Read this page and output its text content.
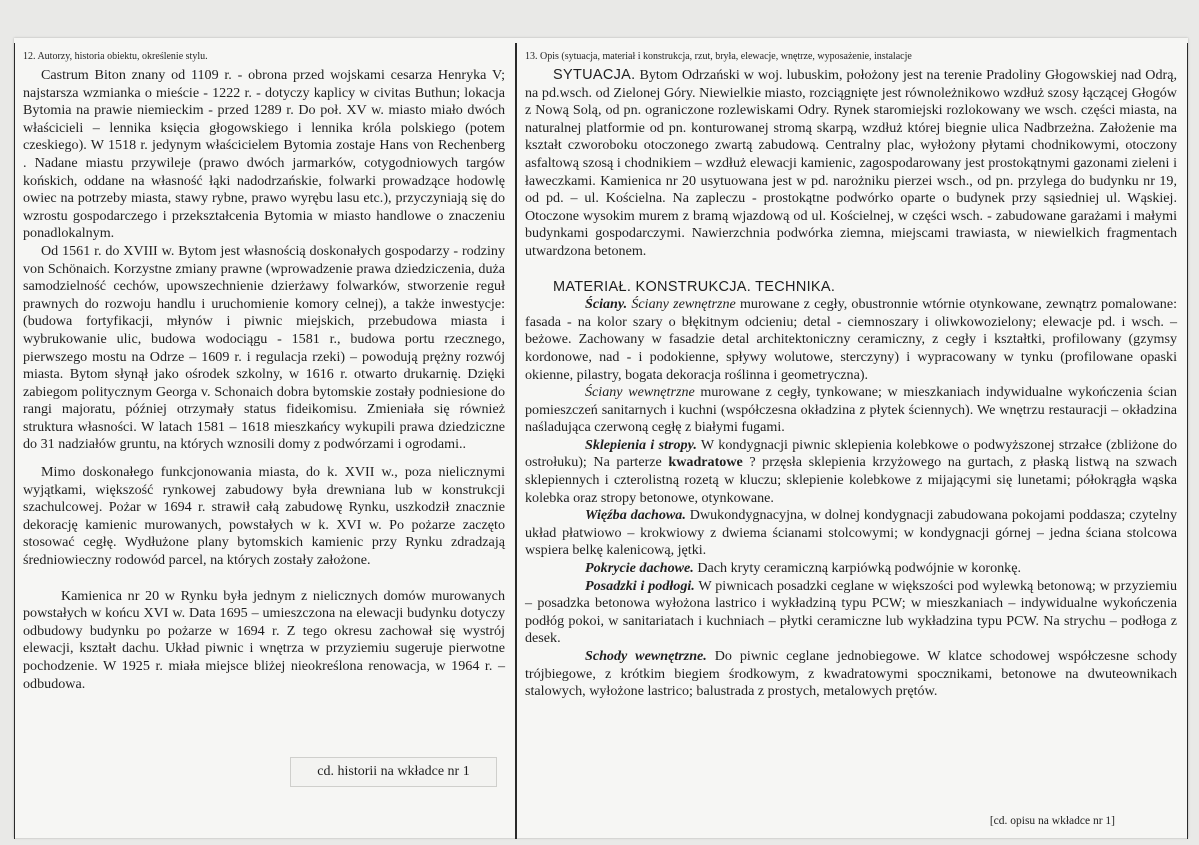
12. Autorzy, historia obiektu, określenie stylu.

Castrum Biton znany od 1109 r. - obrona przed wojskami cesarza Henryka V; najstarsza wzmianka o mieście - 1222 r. - dotyczy kaplicy w civitas Buthun; lokacja Bytomia na prawie niemieckim - przed 1289 r. Do poł. XV w. miasto miało dwóch właścicieli – lennika księcia głogowskiego i lennika króla polskiego (potem czeskiego). W 1518 r. jedynym właścicielem Bytomia zostaje Hans von Rechenberg . Nadane miastu przywileje (prawo dwóch jarmarków, cotygodniowych targów końskich, oddane na własność łąki nadodrzańskie, folwarki prowadzące hodowlę owiec na potrzeby miasta, stawy rybne, prawo wyrębu lasu etc.), przyczyniają się do wzrostu gospodarczego i przekształcenia Bytomia w miasto handlowe o znaczeniu ponadlokalnym.

Od 1561 r. do XVIII w. Bytom jest własnością doskonałych gospodarzy - rodziny von Schönaich. Korzystne zmiany prawne (wprowadzenie prawa dziedziczenia, duża samodzielność cechów, upowszechnienie dzierżawy folwarków, stworzenie reguł prawnych do rozwoju handlu i uruchomienie komory celnej), a także inwestycje: (budowa fortyfikacji, młynów i piwnic miejskich, przebudowa miasta i wybrukowanie ulic, budowa wodociągu - 1581 r., budowa portu rzecznego, pierwszego mostu na Odrze – 1609 r. i regulacja rzeki) – powodują prężny rozwój miasta. Bytom słynął jako ośrodek szkolny, w 1616 r. otwarto drukarnię. Dzięki zabiegom politycznym Georga v. Schonaich dobra bytomskie zostały podniesione do rangi majoratu, później otrzymały status fideikomisu. Zmieniała się również struktura własności. W latach 1581 – 1618 mieszkańcy wykupili prawa dziedziczne do 31 nadziałów gruntu, na których wznosili domy z podwórzami i ogrodami..

Mimo doskonałego funkcjonowania miasta, do k. XVII w., poza nielicznymi wyjątkami, większość rynkowej zabudowy była drewniana lub w konstrukcji szachulcowej. Pożar w 1694 r. strawił całą zabudowę Rynku, uszkodził znacznie dekorację kamienic murowanych, powstałych w k. XVI w. Po pożarze zaczęto stosować cegłę. Wydłużone plany bytomskich kamienic przy Rynku zdradzają średniowieczny rodowód parcel, na których zostały założone.

Kamienica nr 20 w Rynku była jednym z nielicznych domów murowanych powstałych w końcu XVI w. Data 1695 – umieszczona na elewacji budynku dotyczy odbudowy budynku po pożarze w 1694 r. Z tego okresu zachował się wystrój elewacji, kształt dachu. Układ piwnic i wnętrza w przyziemiu sugeruje pierwotne pochodzenie. W 1925 r. miała miejsce bliżej nieokreślona renowacja, w 1964 r. – odbudowa.

cd. historii na wkładce nr 1
13. Opis (sytuacja, materiał i konstrukcja, rzut, bryła, elewacje, wnętrze, wyposażenie, instalacje

SYTUACJA. Bytom Odrzański w woj. lubuskim, położony jest na terenie Pradoliny Głogowskiej nad Odrą, na pd.wsch. od Zielonej Góry. Niewielkie miasto, rozciągnięte jest równoleżnikowo wzdłuż szosy łączącej Głogów z Nową Solą, od pn. ograniczone rozlewiskami Odry. Rynek staromiejski rozlokowany we wsch. części miasta, na naturalnej platformie od pn. konturowanej stromą skarpą, wzdłuż której biegnie ulica Nadbrzeżna. Założenie ma kształt czworoboku otoczonego zwartą zabudową. Centralny plac, wyłożony płytami chodnikowymi, otoczony asfaltową szosą i chodnikiem – wzdłuż elewacji kamienic, zagospodarowany jest prostokątnymi gazonami zieleni i ławeczkami. Kamienica nr 20 usytuowana jest w pd. narożniku pierzei wsch., od pn. przylega do budynku nr 19, od pd. – ul. Kościelna. Na zapleczu - prostokątne podwórko oparte o budynek przy sąsiedniej ul. Wąskiej. Otoczone wysokim murem z bramą wjazdową od ul. Kościelnej, w części wsch. - zabudowane garażami i małymi budynkami gospodarczymi. Nawierzchnia podwórka ziemna, miejscami trawiasta, w niewielkich fragmentach utwardzona betonem.

MATERIAŁ. KONSTRUKCJA. TECHNIKA.

Ściany. Ściany zewnętrzne murowane z cegły, obustronnie wtórnie otynkowane, zewnątrz pomalowane: fasada - na kolor szary o błękitnym odcieniu; detal - ciemnoszary i oliwkowozielony; elewacje pd. i wsch. – beżowe. Zachowany w fasadzie detal architektoniczny ceramiczny, z cegły i kształtki, profilowany (gzymsy kordonowe, nad - i podokienne, spływy wolutowe, sterczyny) i wypracowany w tynku (profilowane opaski okienne, pilastry, bogata dekoracja roślinna i geometryczna).

Ściany wewnętrzne murowane z cegły, tynkowane; w mieszkaniach indywidualne wykończenia ścian pomieszczeń sanitarnych i kuchni (współczesna okładzina z płytek ściennych). We wnętrzu restauracji – okładzina naśladująca czerwoną cegłę z białymi fugami.

Sklepienia i stropy. W kondygnacji piwnic sklepienia kolebkowe o podwyższonej strzałce (zbliżone do ostrołuku); Na parterze kwadratowe ? przęsła sklepienia krzyżowego na gurtach, z płaską listwą na szwach sklepiennych i czterolistną rozetą w kluczu; sklepienie kolebkowe z mijającymi się lunetami; półokrągła wąska kolebka oraz stropy betonowe, otynkowane.

Więźba dachowa. Dwukondygnacyjna, w dolnej kondygnacji zabudowana pokojami poddasza; czytelny układ płatwiowo – krokwiowy z dwiema ścianami stolcowymi; w kondygnacji górnej – jedna ściana stolcowa wspiera belkę kalenicową, jętki.

Pokrycie dachowe. Dach kryty ceramiczną karpiówką podwójnie w koronkę.

Posadzki i podłogi. W piwnicach posadzki ceglane w większości pod wylewką betonową; w przyziemiu – posadzka betonowa wyłożona lastrico i wykładziną typu PCW; w mieszkaniach – indywidualne wykończenia podłóg pokoi, w sanitariatach i kuchniach – płytki ceramiczne lub wykładzina typu PCW. Na strychu – podłoga z desek.

Schody wewnętrzne. Do piwnic ceglane jednobiegowe. W klatce schodowej współczesne schody trójbiegowe, z krótkim biegiem środkowym, z kwadratowymi spocznikami, betonowe na dwuteownikach stalowych, wyłożone lastrico; balustrada z prostych, metalowych prętów.

[cd. opisu na wkładce nr 1]
